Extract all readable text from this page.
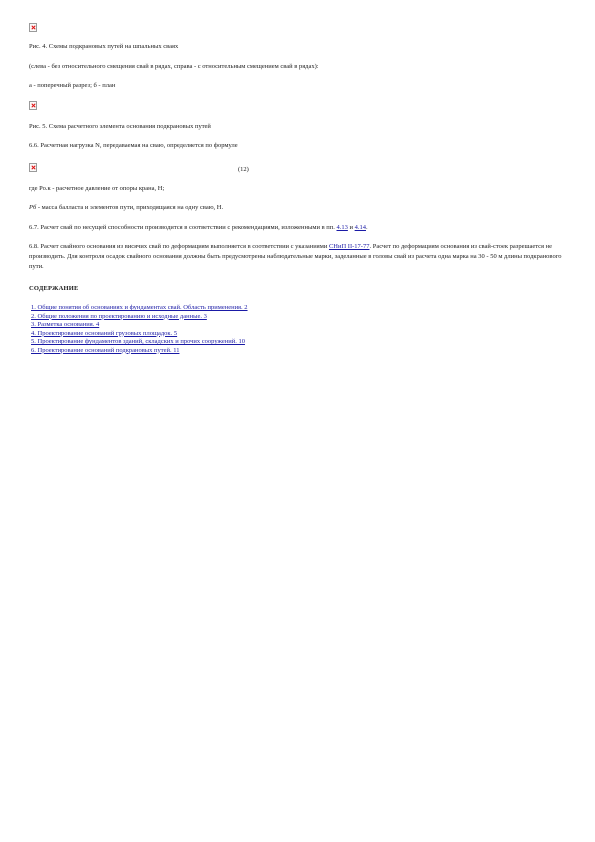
Рис. 4. Схемы подкрановых путей на шпальных сваях
(слева - без относительного смещения свай в рядах, справа - с относительным смещением свай в рядах):
а - поперечный разрез; б - план
Рис. 5. Схема расчетного элемента основания подкрановых путей
6.6. Расчетная нагрузка N, передаваемая на сваю, определяется по формуле
(12)
где Ро.к - расчетное давление от опоры крана, Н;
Рб - масса балласта и элементов пути, приходящаяся на одну сваю, Н.
6.7. Расчет свай по несущей способности производится в соответствии с рекомендациями, изложенными в пп. 4.13 и 4.14.
6.8. Расчет свайного основания из висячих свай по деформациям выполняется в соответствии с указаниями СНиП II-17-77. Расчет по деформациям основания из свай-стоек разрешается не производить. Для контроля осадок свайного основания должны быть предусмотрены наблюдательные марки, заделанные в головы свай из расчета одна марка на 30 - 50 м длины подкранового пути.
СОДЕРЖАНИЕ
1. Общие понятия об основаниях и фундаментах свай. Область применения. 2
2. Общие положения по проектированию и исходные данные. 3
3. Разметка основания. 4
4. Проектирование оснований грузовых площадок. 5
5. Проектирование фундаментов зданий, складских и прочих сооружений. 10
6. Проектирование оснований подкрановых путей. 11
